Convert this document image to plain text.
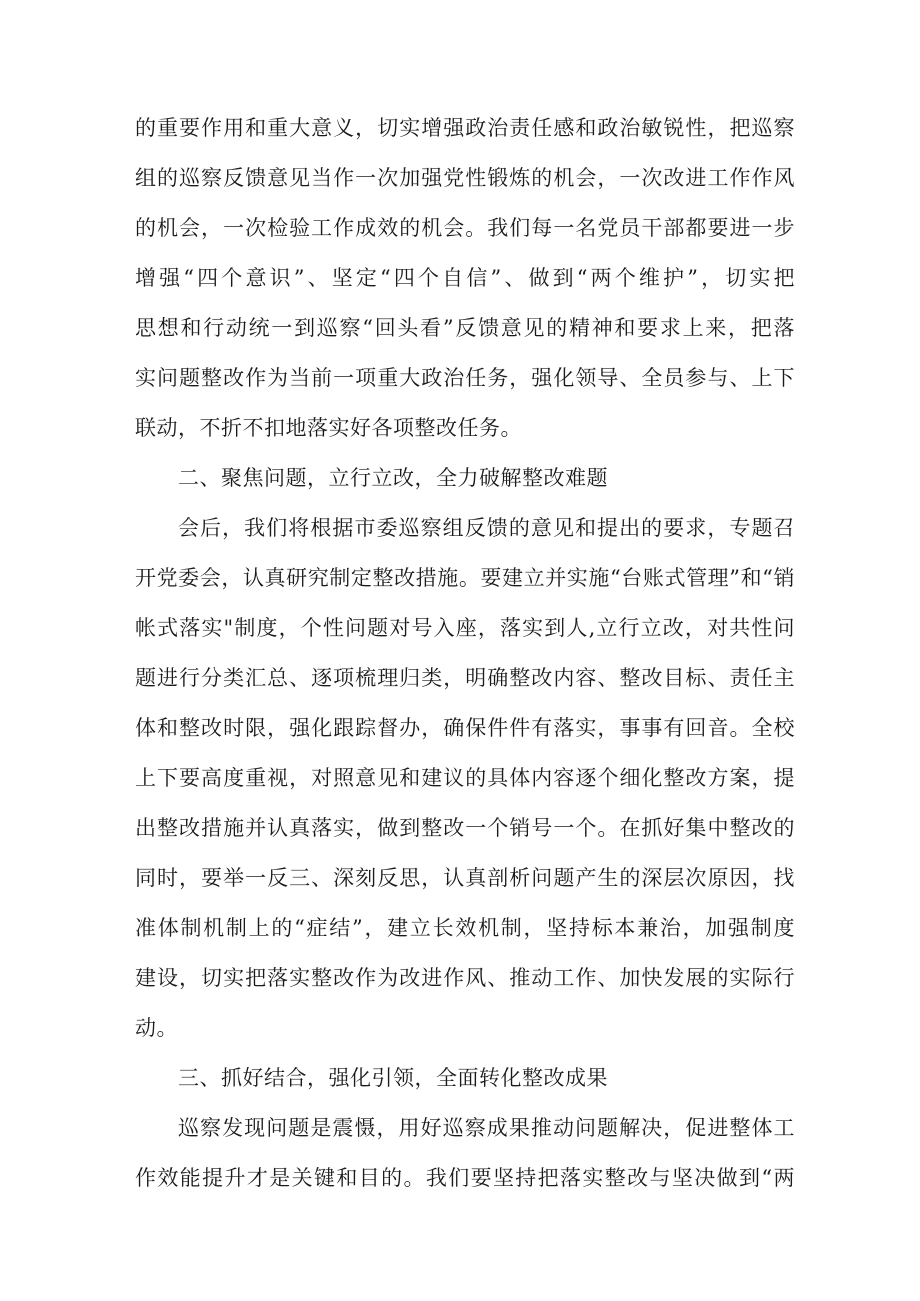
的重要作用和重大意义，切实增强政治责任感和政治敏锐性，把巡察
组的巡察反馈意见当作一次加强党性锻炼的机会，一次改进工作作风
的机会，一次检验工作成效的机会。我们每一名党员干部都要进一步
增强“四个意识”、坚定“四个自信”、做到“两个维护”，切实把
思想和行动统一到巡察“回头看”反馈意见的精神和要求上来，把落
实问题整改作为当前一项重大政治任务，强化领导、全员参与、上下
联动，不折不扣地落实好各项整改任务。
二、聚焦问题，立行立改，全力破解整改难题
会后，我们将根据市委巡察组反馈的意见和提出的要求，专题召
开党委会，认真研究制定整改措施。要建立并实施“台账式管理”和“销
帐式落实"制度，个性问题对号入座，落实到人,立行立改，对共性问
题进行分类汇总、逐项梳理归类，明确整改内容、整改目标、责任主
体和整改时限，强化跟踪督办，确保件件有落实，事事有回音。全校
上下要高度重视，对照意见和建议的具体内容逐个细化整改方案，提
出整改措施并认真落实，做到整改一个销号一个。在抓好集中整改的
同时，要举一反三、深刻反思，认真剖析问题产生的深层次原因，找
准体制机制上的“症结”，建立长效机制，坚持标本兼治，加强制度
建设，切实把落实整改作为改进作风、推动工作、加快发展的实际行
动。
三、抓好结合，强化引领，全面转化整改成果
巡察发现问题是震慑，用好巡察成果推动问题解决，促进整体工
作效能提升才是关键和目的。我们要坚持把落实整改与坚决做到“两
